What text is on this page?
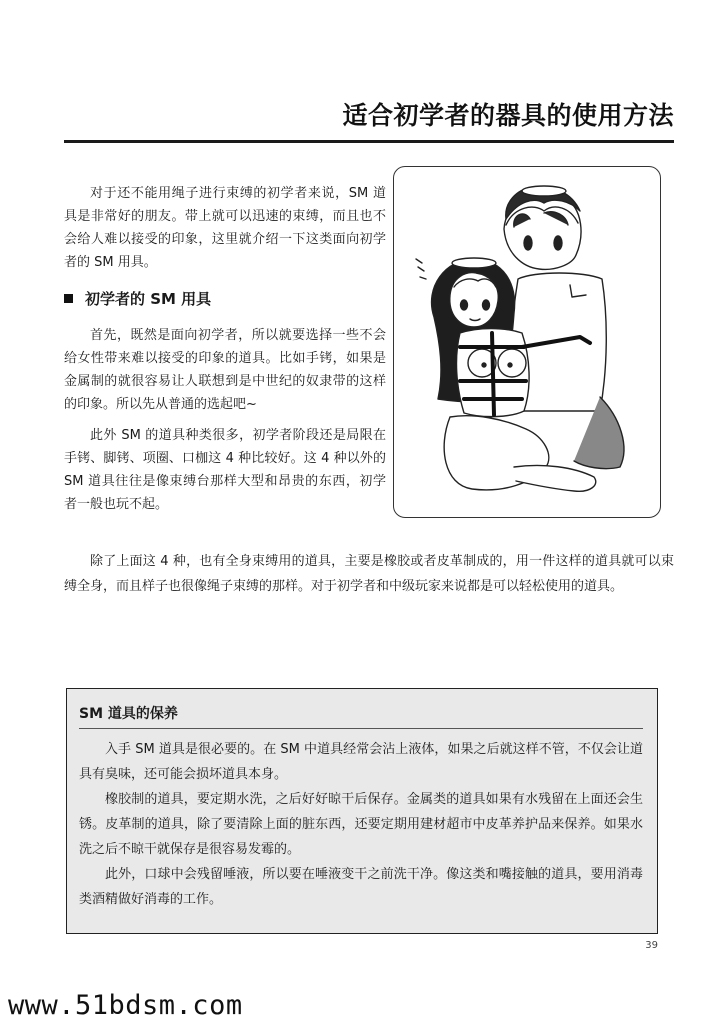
适合初学者的器具的使用方法

对于还不能用绳子进行束缚的初学者来说，SM 道具是非常好的朋友。带上就可以迅速的束缚，而且也不会给人难以接受的印象，这里就介绍一下这类面向初学者的 SM 用具。

初学者的 SM 用具

首先，既然是面向初学者，所以就要选择一些不会给女性带来难以接受的印象的道具。比如手铐，如果是金属制的就很容易让人联想到是中世纪的奴隶带的这样的印象。所以先从普通的选起吧~

此外 SM 的道具种类很多，初学者阶段还是局限在手铐、脚铐、项圈、口枷这 4 种比较好。这 4 种以外的 SM 道具往往是像束缚台那样大型和昂贵的东西，初学者一般也玩不起。

除了上面这 4 种，也有全身束缚用的道具，主要是橡胶或者皮革制成的，用一件这样的道具就可以束缚全身，而且样子也很像绳子束缚的那样。对于初学者和中级玩家来说都是可以轻松使用的道具。

SM 道具的保养

入手 SM 道具是很必要的。在 SM 中道具经常会沾上液体，如果之后就这样不管，不仅会让道具有臭味，还可能会损坏道具本身。

橡胶制的道具，要定期水洗，之后好好晾干后保存。金属类的道具如果有水残留在上面还会生锈。皮革制的道具，除了要清除上面的脏东西，还要定期用建材超市中皮革养护品来保养。如果水洗之后不晾干就保存是很容易发霉的。

此外，口球中会残留唾液，所以要在唾液变干之前洗干净。像这类和嘴接触的道具，要用消毒类酒精做好消毒的工作。

39
www.51bdsm.com
